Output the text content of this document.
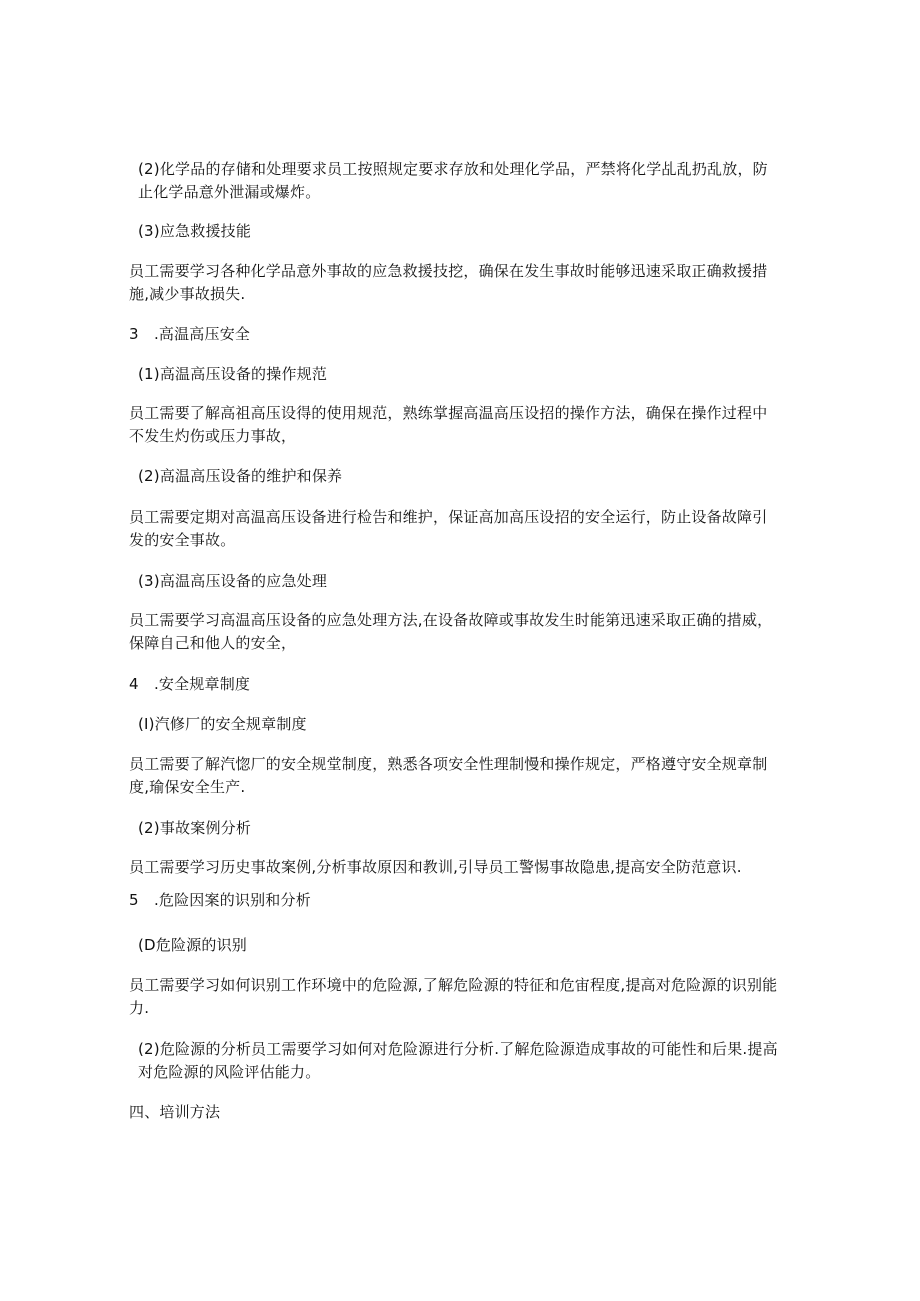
(2)化学品的存储和处理要求员工按照规定要求存放和处理化学品，严禁将化学乩乱扔乱放，防止化学品意外泄漏或爆炸。

(3)应急救援技能

员工需要学习各种化学品意外事故的应急救援技挖，确保在发生事故时能够迅速采取正确救援措施,减少事故损失.

3　.高温高压安全

(1)高温高压设备的操作规范

员工需要了解高祖高压设得的使用规范，熟练掌握高温高压设招的操作方法，确保在操作过程中不发生灼伤或压力事故，

(2)高温高压设备的维护和保养

员工需要定期对高温高压设备进行检告和维护，保证高加高压设招的安全运行，防止设备故障引发的安全事故。

(3)高温高压设备的应急处理

员工需要学习高温高压设备的应急处理方法,在设备故障或事故发生时能第迅速采取正确的措威，保障自己和他人的安全，

4　.安全规章制度

(I)汽修厂的安全规章制度

员工需要了解汽惚厂的安全规堂制度，熟悉各项安全性理制慢和操作规定，严格遵守安全规章制度,瑜保安全生产.

(2)事故案例分析

员工需要学习历史事故案例,分析事故原因和教训,引导员工警惕事故隐患,提高安全防范意识.

5　.危险因案的识别和分析

(D危险源的识别

员工需要学习如何识别工作环境中的危险源,了解危险源的特征和危宙程度,提高对危险源的识别能力.

(2)危险源的分析员工需要学习如何对危险源进行分析.了解危险源造成事故的可能性和后果.提高对危险源的风险评估能力。

四、培训方法
